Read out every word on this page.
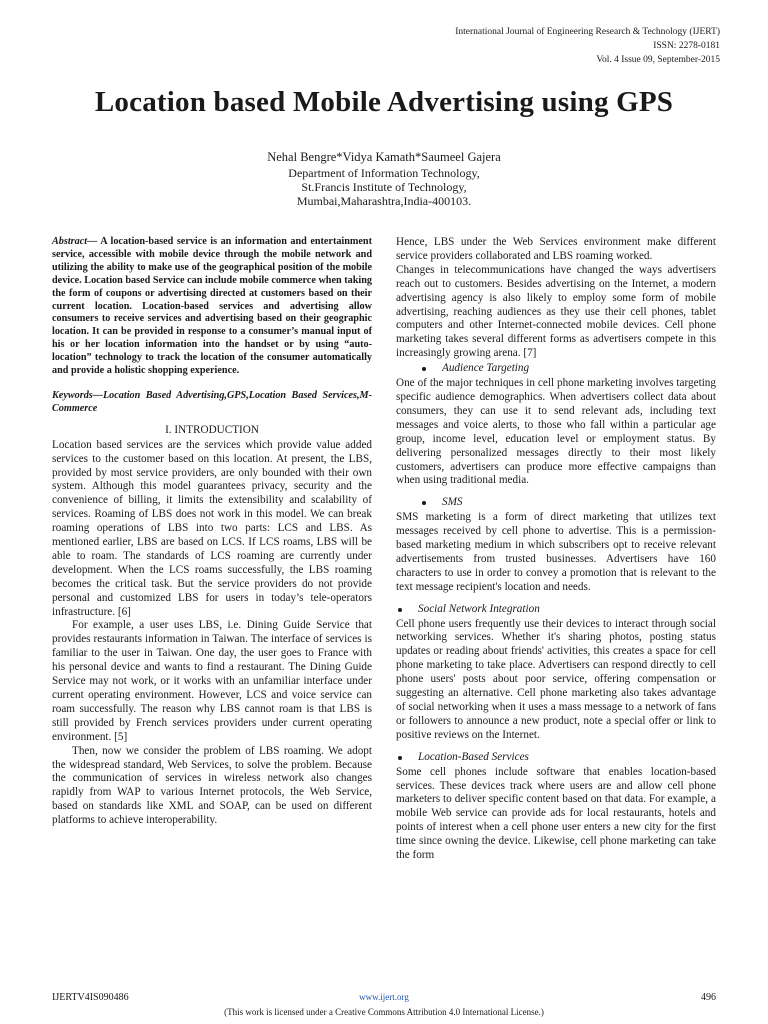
International Journal of Engineering Research & Technology (IJERT)
ISSN: 2278-0181
Vol. 4 Issue 09, September-2015
Location based Mobile Advertising using GPS
Nehal Bengre*Vidya Kamath*Saumeel Gajera
Department of Information Technology,
St.Francis Institute of Technology,
Mumbai,Maharashtra,India-400103.

Abstract— A location-based service is an information and entertainment service, accessible with mobile device through the mobile network and utilizing the ability to make use of the geographical position of the mobile device. Location based Service can include mobile commerce when taking the form of coupons or advertising directed at customers based on their current location. Location-based services and advertising allow consumers to receive services and advertising based on their geographic location. It can be provided in response to a consumer’s manual input of his or her location information into the handset or by using “auto-location” technology to track the location of the consumer automatically and provide a holistic shopping experience.

Keywords—Location Based Advertising,GPS,Location Based Services,M-Commerce

I. INTRODUCTION

Location based services are the services which provide value added services to the customer based on this location. At present, the LBS, provided by most service providers, are only bounded with their own system. Although this model guarantees privacy, security and the convenience of billing, it limits the extensibility and scalability of services. Roaming of LBS does not work in this model. We can break roaming operations of LBS into two parts: LCS and LBS. As mentioned earlier, LBS are based on LCS. If LCS roams, LBS will be able to roam. The standards of LCS roaming are currently under development. When the LCS roams successfully, the LBS roaming becomes the critical task. But the service providers do not provide personal and customized LBS for users in today’s tele-operators infrastructure. [6]

For example, a user uses LBS, i.e. Dining Guide Service that provides restaurants information in Taiwan. The interface of services is familiar to the user in Taiwan. One day, the user goes to France with his personal device and wants to find a restaurant. The Dining Guide Service may not work, or it works with an unfamiliar interface under current operating environment. However, LCS and voice service can roam successfully. The reason why LBS cannot roam is that LBS is still provided by French services providers under current operating environment. [5]

Then, now we consider the problem of LBS roaming. We adopt the widespread standard, Web Services, to solve the problem. Because the communication of services in wireless network also changes rapidly from WAP to various Internet protocols, the Web Service, based on standards like XML and SOAP, can be used on different platforms to achieve interoperability.

Hence, LBS under the Web Services environment make different service providers collaborated and LBS roaming worked.

Changes in telecommunications have changed the ways advertisers reach out to customers. Besides advertising on the Internet, a modern advertising agency is also likely to employ some form of mobile advertising, reaching audiences as they use their cell phones, tablet computers and other Internet-connected mobile devices. Cell phone marketing takes several different forms as advertisers compete in this increasingly growing arena. [7]

Audience Targeting

One of the major techniques in cell phone marketing involves targeting specific audience demographics. When advertisers collect data about consumers, they can use it to send relevant ads, including text messages and voice alerts, to those who fall within a particular age group, income level, education level or employment status. By delivering personalized messages directly to their most likely customers, advertisers can produce more effective campaigns than when using traditional media.

SMS

SMS marketing is a form of direct marketing that utilizes text messages received by cell phone to advertise. This is a permission-based marketing medium in which subscribers opt to receive relevant advertisements from trusted businesses. Advertisers have 160 characters to use in order to convey a promotion that is relevant to the text message recipient's location and needs.

Social Network Integration

Cell phone users frequently use their devices to interact through social networking services. Whether it's sharing photos, posting status updates or reading about friends' activities, this creates a space for cell phone marketing to take place. Advertisers can respond directly to cell phone users' posts about poor service, offering compensation or suggesting an alternative. Cell phone marketing also takes advantage of social networking when it uses a mass message to a network of fans or followers to announce a new product, note a special offer or link to positive reviews on the Internet.

Location-Based Services

Some cell phones include software that enables location-based services. These devices track where users are and allow cell phone marketers to deliver specific content based on that data. For example, a mobile Web service can provide ads for local restaurants, hotels and points of interest when a cell phone user enters a new city for the first time since owning the device. Likewise, cell phone marketing can take the form

IJERTV4IS090486	www.ijert.org	496
(This work is licensed under a Creative Commons Attribution 4.0 International License.)
